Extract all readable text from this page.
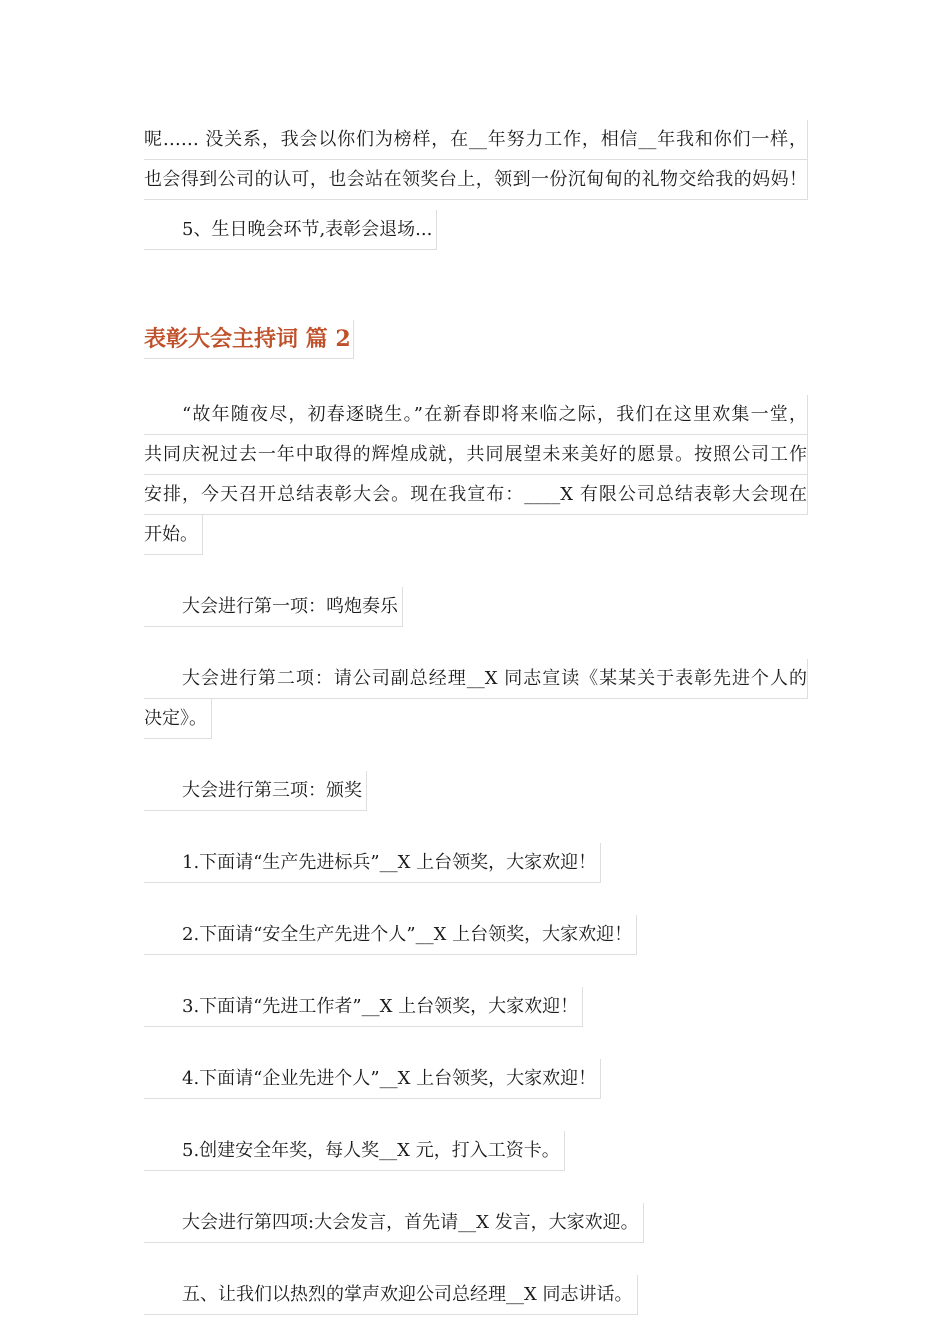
呢…… 没关系，我会以你们为榜样，在__年努力工作，相信__年我和你们一样，
也会得到公司的认可，也会站在领奖台上，领到一份沉甸甸的礼物交给我的妈妈！

5、生日晚会环节,表彰会退场...

表彰大会主持词 篇 2

“故年随夜尽，初春逐晓生。”在新春即将来临之际，我们在这里欢集一堂，
共同庆祝过去一年中取得的辉煌成就，共同展望未来美好的愿景。按照公司工作
安排，今天召开总结表彰大会。现在我宣布：____X 有限公司总结表彰大会现在
开始。

大会进行第一项：鸣炮奏乐

大会进行第二项：请公司副总经理__X 同志宣读《某某关于表彰先进个人的
决定》。

大会进行第三项：颁奖

1.下面请“生产先进标兵”__X 上台领奖，大家欢迎！

2.下面请“安全生产先进个人”__X 上台领奖，大家欢迎！

3.下面请“先进工作者”__X 上台领奖，大家欢迎！

4.下面请“企业先进个人”__X 上台领奖，大家欢迎！

5.创建安全年奖，每人奖__X 元，打入工资卡。

大会进行第四项:大会发言，首先请__X 发言，大家欢迎。

五、让我们以热烈的掌声欢迎公司总经理__X 同志讲话。
